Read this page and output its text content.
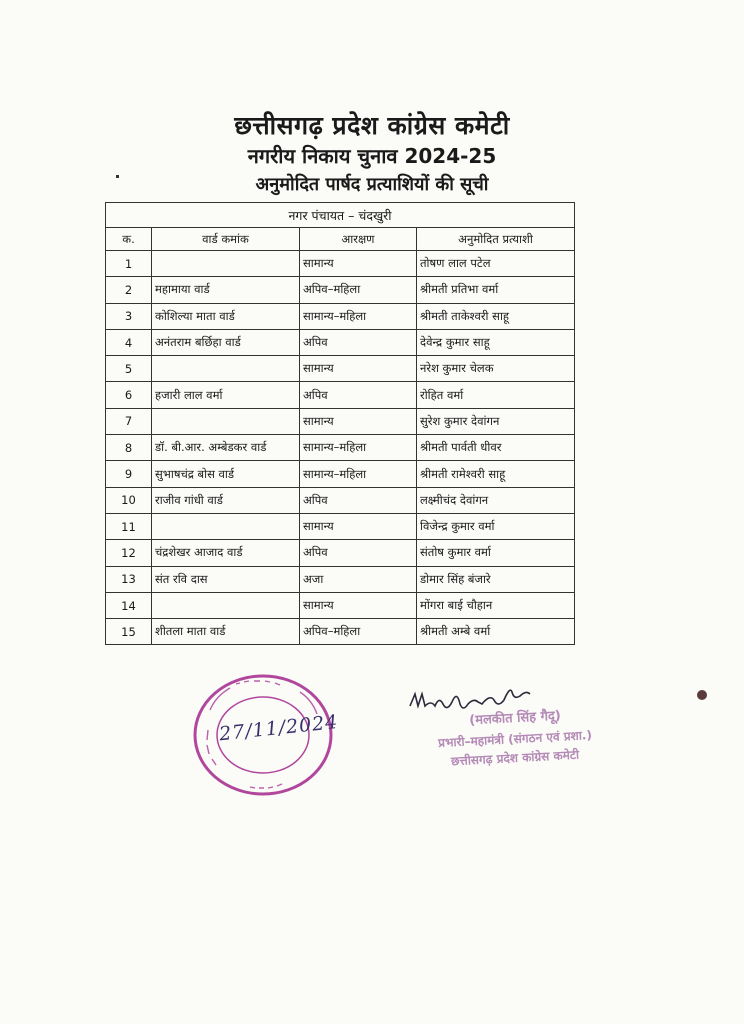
छत्तीसगढ़ प्रदेश कांग्रेस कमेटी
नगरीय निकाय चुनाव 2024-25
अनुमोदित पार्षद प्रत्याशियों की सूची
नगर पंचायत – चंदखुरी			
क.	वार्ड कमांक	आरक्षण	अनुमोदित प्रत्याशी
1		सामान्य	तोषण लाल पटेल
2	महामाया वार्ड	अपिव–महिला	श्रीमती प्रतिभा वर्मा
3	कोशिल्या माता वार्ड	सामान्य–महिला	श्रीमती ताकेश्वरी साहू
4	अनंतराम बर्छिहा वार्ड	अपिव	देवेन्द्र कुमार साहू
5		सामान्य	नरेश कुमार चेलक
6	हजारी लाल वर्मा	अपिव	रोहित वर्मा
7		सामान्य	सुरेश कुमार देवांगन
8	डॉ. बी.आर. अम्बेडकर वार्ड	सामान्य–महिला	श्रीमती पार्वती धीवर
9	सुभाषचंद्र बोस वार्ड	सामान्य–महिला	श्रीमती रामेश्वरी साहू
10	राजीव गांधी वार्ड	अपिव	लक्ष्मीचंद देवांगन
11		सामान्य	विजेन्द्र कुमार वर्मा
12	चंद्रशेखर आजाद वार्ड	अपिव	संतोष कुमार वर्मा
13	संत रवि दास	अजा	डोमार सिंह बंजारे
14		सामान्य	मोंगरा बाई चौहान
15	शीतला माता वार्ड	अपिव–महिला	श्रीमती अम्बे वर्मा
27/11/2024	(मलकीत सिंह गैदू)
प्रभारी–महामंत्री (संगठन एवं प्रशा.)
छत्तीसगढ़ प्रदेश कांग्रेस कमेटी
